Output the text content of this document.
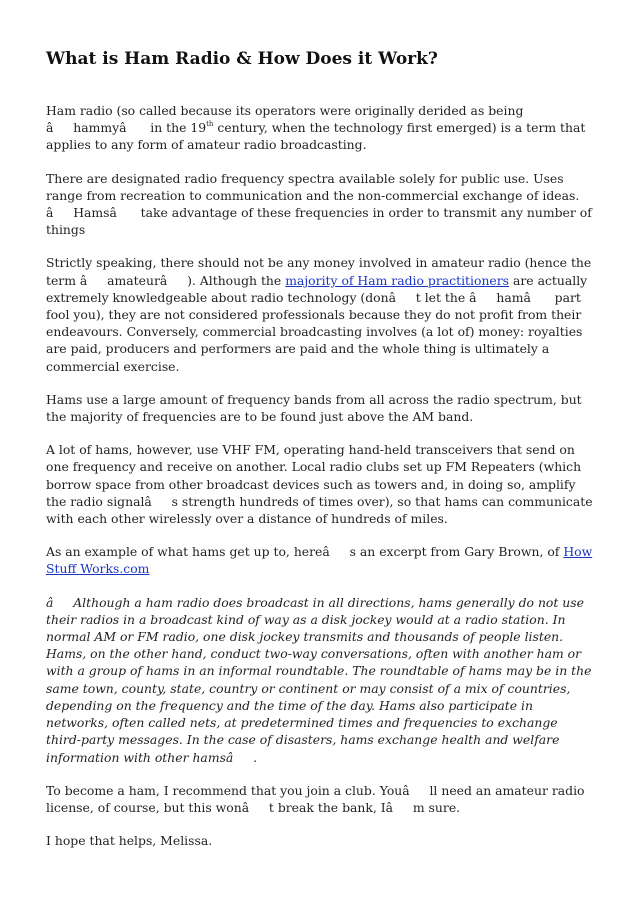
What is Ham Radio & How Does it Work?

Ham radio (so called because its operators were originally derided as being âhammyâ in the 19th century, when the technology first emerged) is a term that applies to any form of amateur radio broadcasting.

There are designated radio frequency spectra available solely for public use. Uses range from recreation to communication and the non-commercial exchange of ideas. âHamsâ take advantage of these frequencies in order to transmit any number of things

Strictly speaking, there should not be any money involved in amateur radio (hence the term âamateurâ). Although the majority of Ham radio practitioners are actually extremely knowledgeable about radio technology (donât let the âhamâ part fool you), they are not considered professionals because they do not profit from their endeavours. Conversely, commercial broadcasting involves (a lot of) money: royalties are paid, producers and performers are paid and the whole thing is ultimately a commercial exercise.

Hams use a large amount of frequency bands from all across the radio spectrum, but the majority of frequencies are to be found just above the AM band.

A lot of hams, however, use VHF FM, operating hand-held transceivers that send on one frequency and receive on another. Local radio clubs set up FM Repeaters (which borrow space from other broadcast devices such as towers and, in doing so, amplify the radio signalâs strength hundreds of times over), so that hams can communicate with each other wirelessly over a distance of hundreds of miles.

As an example of what hams get up to, hereâs an excerpt from Gary Brown, of How Stuff Works.com

âAlthough a ham radio does broadcast in all directions, hams generally do not use their radios in a broadcast kind of way as a disk jockey would at a radio station. In normal AM or FM radio, one disk jockey transmits and thousands of people listen. Hams, on the other hand, conduct two-way conversations, often with another ham or with a group of hams in an informal roundtable. The roundtable of hams may be in the same town, county, state, country or continent or may consist of a mix of countries, depending on the frequency and the time of the day. Hams also participate in networks, often called nets, at predetermined times and frequencies to exchange third-party messages. In the case of disasters, hams exchange health and welfare information with other hamsâ.

To become a ham, I recommend that you join a club. Youâll need an amateur radio license, of course, but this wonât break the bank, Iâm sure.

I hope that helps, Melissa.
